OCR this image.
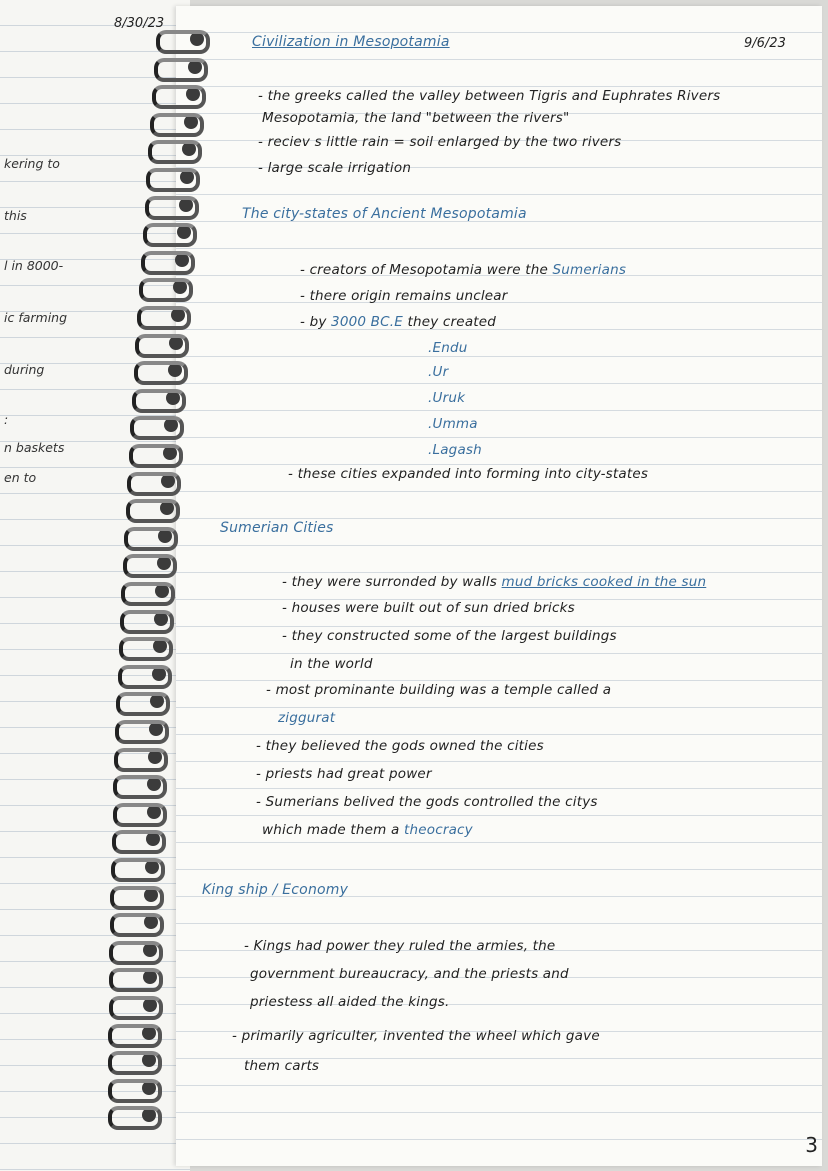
8/30/23
kering to
this
l in 8000-
ic farming
during
:
n baskets
en to
Civilization in Mesopotamia	9/6/23
- the greeks called the valley between Tigris and Euphrates Rivers
Mesopotamia, the land "between the rivers"
- reciev s little rain = soil enlarged by the two rivers
- large scale irrigation
The city-states of Ancient Mesopotamia
- creators of Mesopotamia were the Sumerians
- there origin remains unclear
- by 3000 BC.E they created
.Endu
.Ur
.Uruk
.Umma
.Lagash
- these cities expanded into forming into city-states
Sumerian Cities
- they were surronded by walls mud bricks cooked in the sun
- houses were built out of sun dried bricks
- they constructed some of the largest buildings
in the world
- most prominante building was a temple called a
ziggurat
- they believed the gods owned the cities
- priests had great power
- Sumerians belived the gods controlled the citys
which made them a theocracy
King ship / Economy
- Kings had power they ruled the armies, the
government bureaucracy, and the priests and
priestess all aided the kings.
- primarily agriculter, invented the wheel which gave
them carts
3
